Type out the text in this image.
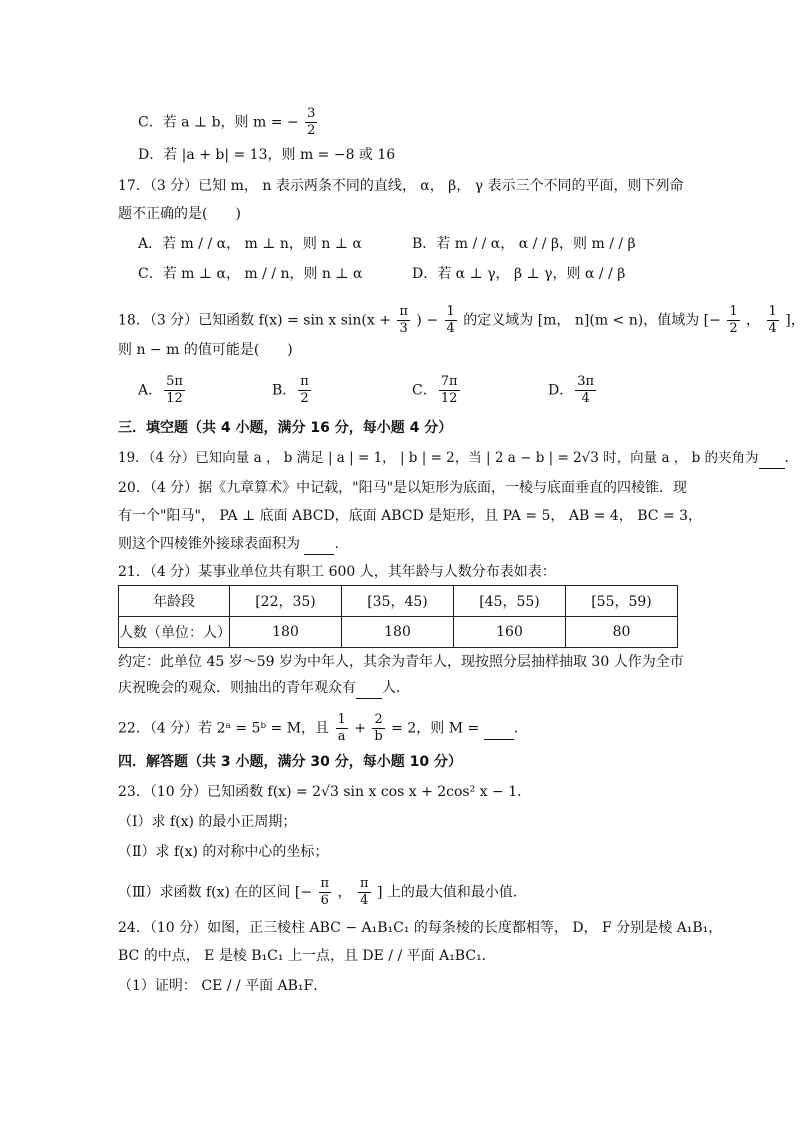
C．若 a ⊥ b，则 m = − $\frac{3}{2}$
D．若 |a + b| = 13，则 m = −8 或 16
17．（3 分）已知 m， n 表示两条不同的直线， α， β， γ 表示三个不同的平面，则下列命
题不正确的是(　　)
A．若 m / / α， m ⊥ n，则 n ⊥ α	B．若 m / / α， α / / β，则 m / / β
C．若 m ⊥ α， m / / n，则 n ⊥ α	D．若 α ⊥ γ， β ⊥ γ，则 α / / β
18．（3 分）已知函数 f(x) = sin x $\sin(x + \frac{\pi}{3}$ ) − $\frac{1}{4}$ 的定义域为 [m， n](m < n)，值域为 [− $\frac{1}{2}$ ， $\frac{1}{4}$ ]，
则 n − m 的值可能是(　　)
A． $\frac{5\pi}{12}$	B． $\frac{\pi}{2}$	C． $\frac{7\pi}{12}$	D． $\frac{3\pi}{4}$
三．填空题（共 4 小题，满分 16 分，每小题 4 分）
19．（4 分）已知向量 a ， b 满足 | a | = 1， | b | = 2，当 | 2 a − b | = 2√3 时，向量 a ， b 的夹角为 .
20．（4 分）据《九章算术》中记载，"阳马"是以矩形为底面，一棱与底面垂直的四棱锥．现
有一个"阳马"， PA ⊥ 底面 ABCD，底面 ABCD 是矩形，且 PA = 5， AB = 4， BC = 3，
则这个四棱锥外接球表面积为 .
21．（4 分）某事业单位共有职工 600 人，其年龄与人数分布表如表：
年龄段	[22，35)	[35，45)	[45，55)	[55，59)
人数（单位：人）	180	180	160	80
约定：此单位 45 岁～59 岁为中年人，其余为青年人，现按照分层抽样抽取 30 人作为全市
庆祝晚会的观众．则抽出的青年观众有 人.
22．（4 分）若 2ᵃ = 5ᵇ = M，且 $\frac{1}{a} + \frac{2}{b} = 2$，则 M = .
四．解答题（共 3 小题，满分 30 分，每小题 10 分）
23．（10 分）已知函数 f(x) = 2√3 sin x cos x + 2cos² x − 1．
（Ⅰ）求 f(x) 的最小正周期；
（Ⅱ）求 f(x) 的对称中心的坐标；
（Ⅲ）求函数 f(x) 在的区间 [− $\frac{\pi}{6}$ ， $\frac{\pi}{4}$ ] 上的最大值和最小值.
24．（10 分）如图，正三棱柱 ABC − A₁B₁C₁ 的每条棱的长度都相等， D， F 分别是棱 A₁B₁，
BC 的中点， E 是棱 B₁C₁ 上一点，且 DE / / 平面 A₁BC₁．
（1）证明： CE / / 平面 AB₁F．
